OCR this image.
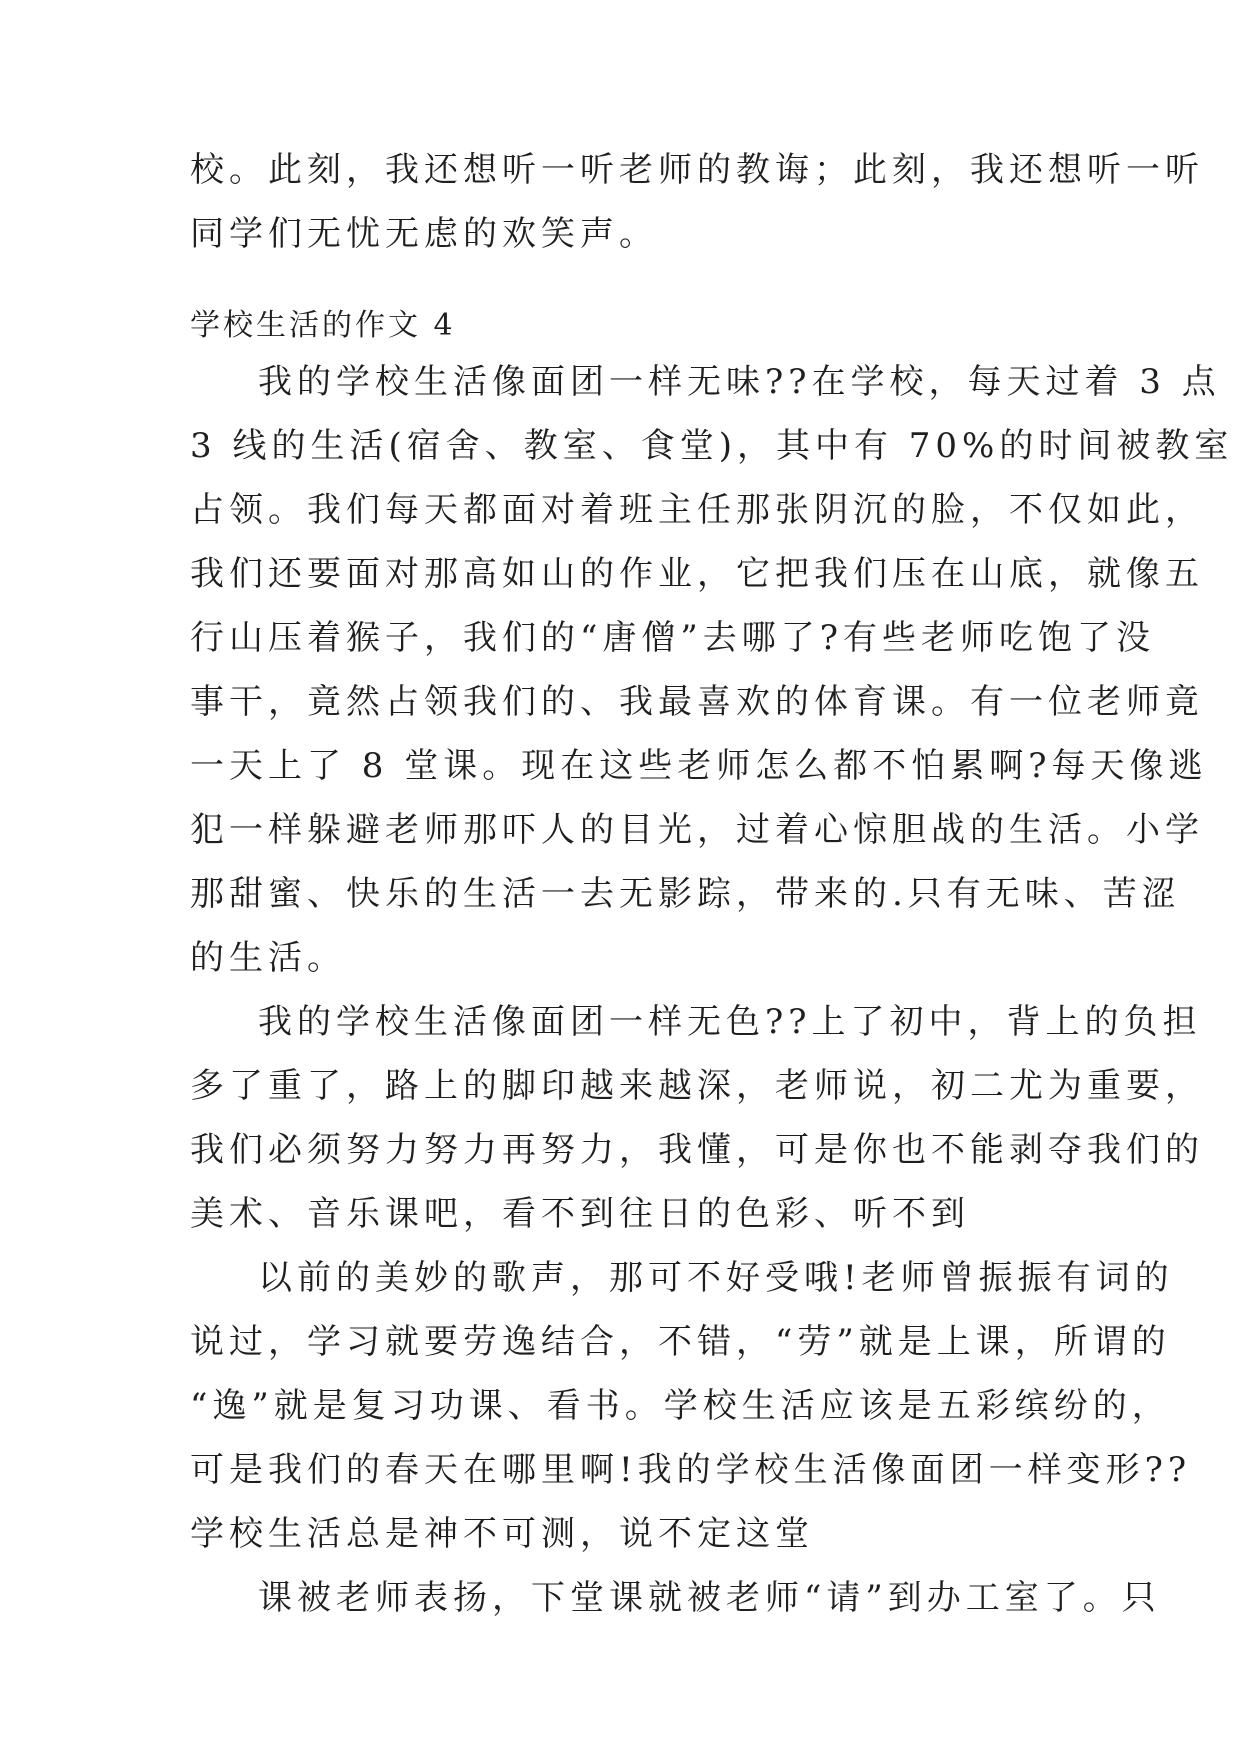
校。此刻，我还想听一听老师的教诲；此刻，我还想听一听
同学们无忧无虑的欢笑声。
学校生活的作文 4
我的学校生活像面团一样无味??在学校，每天过着 3 点
3 线的生活(宿舍、教室、食堂)，其中有 70%的时间被教室
占领。我们每天都面对着班主任那张阴沉的脸，不仅如此，
我们还要面对那高如山的作业，它把我们压在山底，就像五
行山压着猴子，我们的“唐僧”去哪了?有些老师吃饱了没
事干，竟然占领我们的、我最喜欢的体育课。有一位老师竟
一天上了 8 堂课。现在这些老师怎么都不怕累啊?每天像逃
犯一样躲避老师那吓人的目光，过着心惊胆战的生活。小学
那甜蜜、快乐的生活一去无影踪，带来的.只有无味、苦涩
的生活。
我的学校生活像面团一样无色??上了初中，背上的负担
多了重了，路上的脚印越来越深，老师说，初二尤为重要，
我们必须努力努力再努力，我懂，可是你也不能剥夺我们的
美术、音乐课吧，看不到往日的色彩、听不到
以前的美妙的歌声，那可不好受哦!老师曾振振有词的
说过，学习就要劳逸结合，不错，“劳”就是上课，所谓的
“逸”就是复习功课、看书。学校生活应该是五彩缤纷的，
可是我们的春天在哪里啊!我的学校生活像面团一样变形??
学校生活总是神不可测，说不定这堂
课被老师表扬，下堂课就被老师“请”到办工室了。只
